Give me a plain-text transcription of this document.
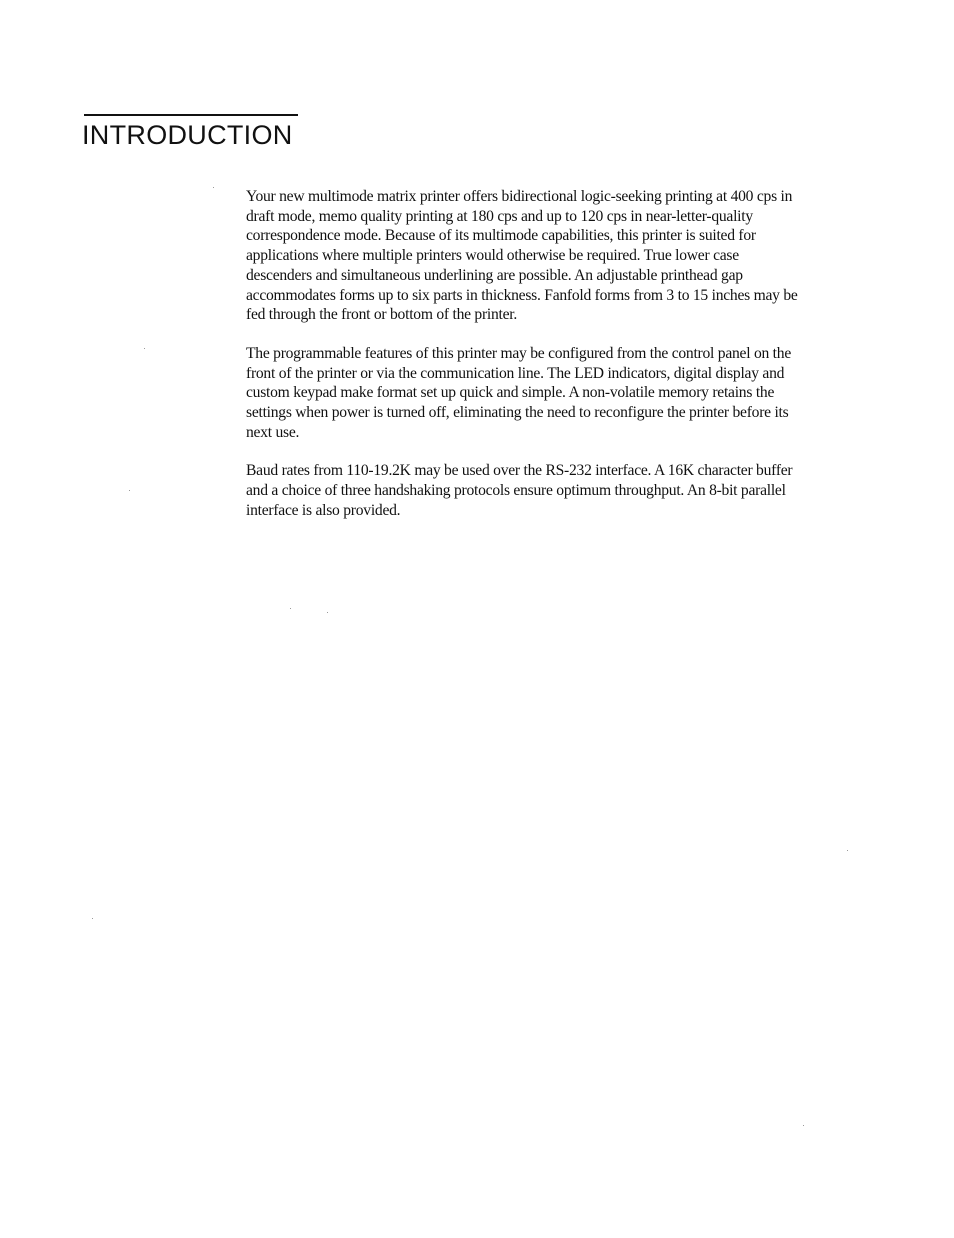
INTRODUCTION

Your new multimode matrix printer offers bidirectional logic-seeking printing at 400 cps in draft mode, memo quality printing at 180 cps and up to 120 cps in near-letter-quality correspondence mode. Because of its multimode capabilities, this printer is suited for applications where multiple printers would otherwise be required. True lower case descenders and simultaneous underlining are possible. An adjustable printhead gap accommodates forms up to six parts in thickness. Fanfold forms from 3 to 15 inches may be fed through the front or bottom of the printer.

The programmable features of this printer may be configured from the control panel on the front of the printer or via the communication line. The LED indicators, digital display and custom keypad make format set up quick and simple. A non-volatile memory retains the settings when power is turned off, eliminating the need to reconfigure the printer before its next use.

Baud rates from 110-19.2K may be used over the RS-232 interface. A 16K character buffer and a choice of three handshaking protocols ensure optimum throughput. An 8-bit parallel interface is also provided.
